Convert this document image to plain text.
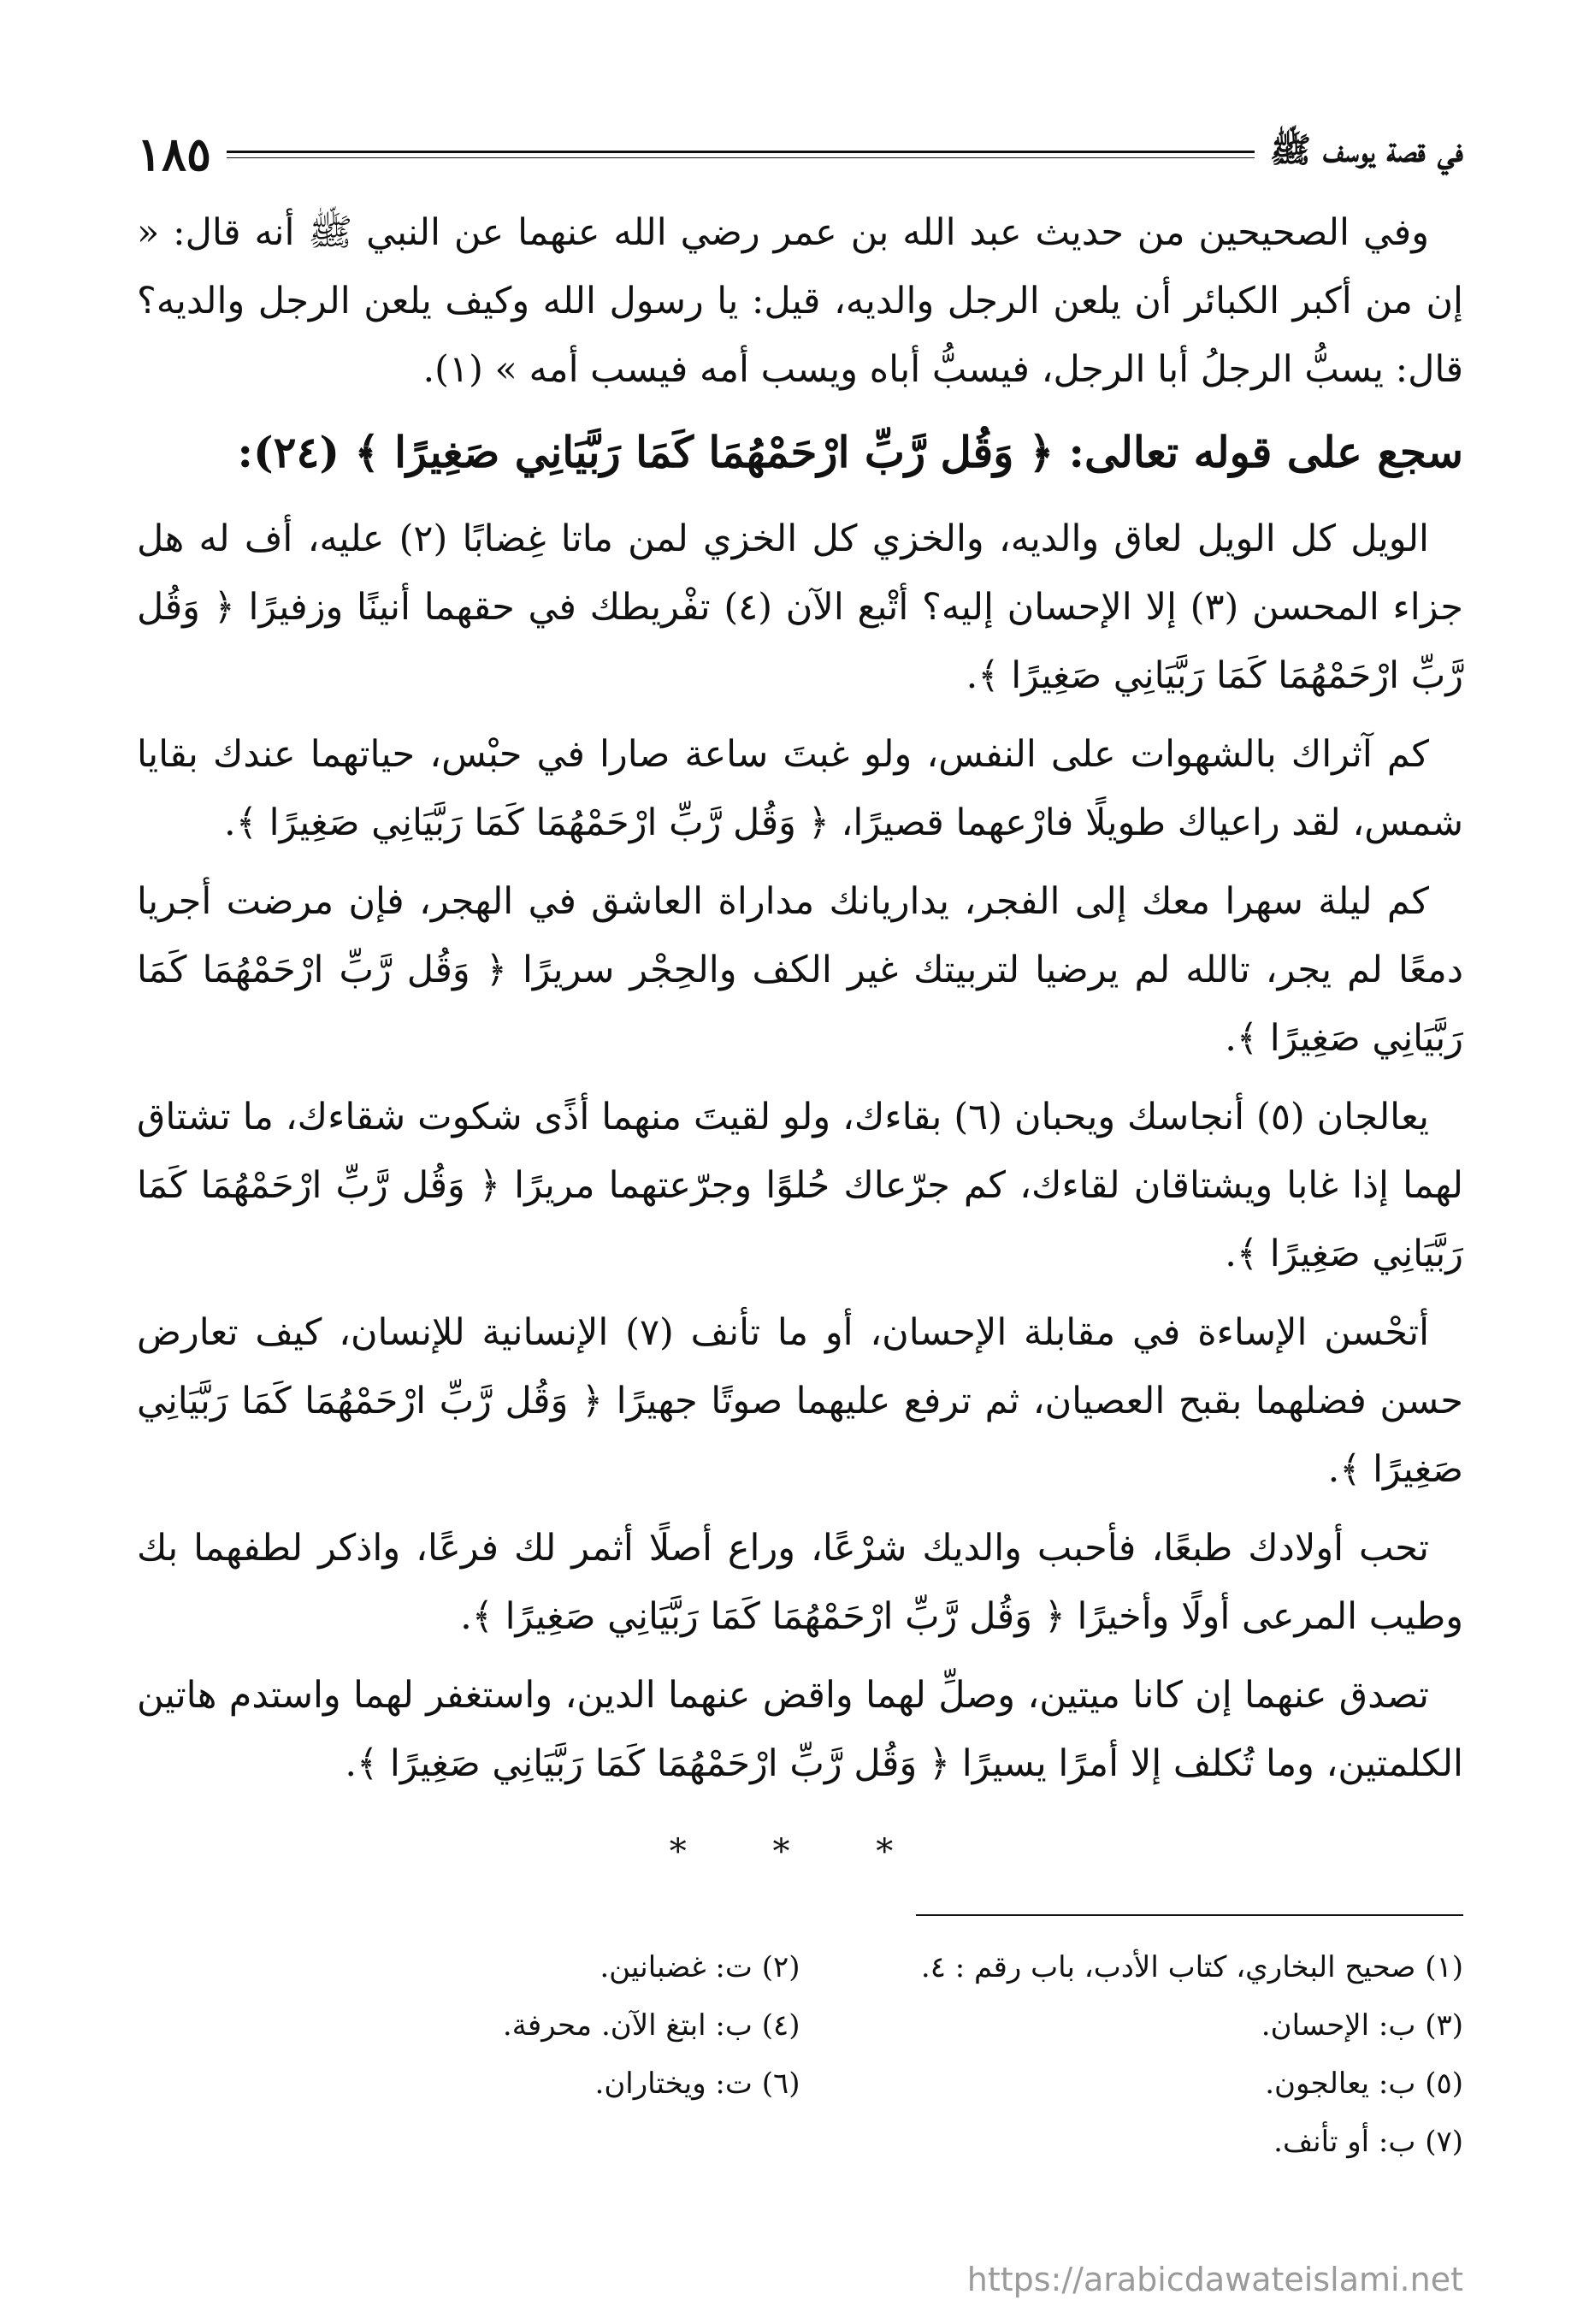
في قصة يوسف ﷺ
١٨٥

وفي الصحيحين من حديث عبد الله بن عمر رضي الله عنهما عن النبي ﷺ أنه قال: « إن من أكبر الكبائر أن يلعن الرجل والديه، قيل: يا رسول الله وكيف يلعن الرجل والديه؟ قال: يسبُّ الرجلُ أبا الرجل، فيسبُّ أباه ويسب أمه فيسب أمه » (١).

سجع على قوله تعالى: ﴿ وَقُل رَّبِّ ارْحَمْهُمَا كَمَا رَبَّيَانِي صَغِيرًا ﴾ (٢٤):

الويل كل الويل لعاق والديه، والخزي كل الخزي لمن ماتا غِضابًا (٢) عليه، أف له هل جزاء المحسن (٣) إلا الإحسان إليه؟ أتْبع الآن (٤) تفْريطك في حقهما أنينًا وزفيرًا ﴿ وَقُل رَّبِّ ارْحَمْهُمَا كَمَا رَبَّيَانِي صَغِيرًا ﴾.

كم آثراك بالشهوات على النفس، ولو غبتَ ساعة صارا في حبْس، حياتهما عندك بقايا شمس، لقد راعياك طويلًا فارْعهما قصيرًا، ﴿ وَقُل رَّبِّ ارْحَمْهُمَا كَمَا رَبَّيَانِي صَغِيرًا ﴾.

كم ليلة سهرا معك إلى الفجر، يداريانك مداراة العاشق في الهجر، فإن مرضت أجريا دمعًا لم يجر، تالله لم يرضيا لتربيتك غير الكف والحِجْر سريرًا ﴿ وَقُل رَّبِّ ارْحَمْهُمَا كَمَا رَبَّيَانِي صَغِيرًا ﴾.

يعالجان (٥) أنجاسك ويحبان (٦) بقاءك، ولو لقيتَ منهما أذًى شكوت شقاءك، ما تشتاق لهما إذا غابا ويشتاقان لقاءك، كم جرّعاك حُلوًا وجرّعتهما مريرًا ﴿ وَقُل رَّبِّ ارْحَمْهُمَا كَمَا رَبَّيَانِي صَغِيرًا ﴾.

أتحْسن الإساءة في مقابلة الإحسان، أو ما تأنف (٧) الإنسانية للإنسان، كيف تعارض حسن فضلهما بقبح العصيان، ثم ترفع عليهما صوتًا جهيرًا ﴿ وَقُل رَّبِّ ارْحَمْهُمَا كَمَا رَبَّيَانِي صَغِيرًا ﴾.

تحب أولادك طبعًا، فأحبب والديك شرْعًا، وراع أصلًا أثمر لك فرعًا، واذكر لطفهما بك وطيب المرعى أولًا وأخيرًا ﴿ وَقُل رَّبِّ ارْحَمْهُمَا كَمَا رَبَّيَانِي صَغِيرًا ﴾.

تصدق عنهما إن كانا ميتين، وصلِّ لهما واقض عنهما الدين، واستغفر لهما واستدم هاتين الكلمتين، وما تُكلف إلا أمرًا يسيرًا ﴿ وَقُل رَّبِّ ارْحَمْهُمَا كَمَا رَبَّيَانِي صَغِيرًا ﴾.

* * *
(١) صحيح البخاري، كتاب الأدب، باب رقم : ٤.
(٢) ت: غضبانين.
(٣) ب: الإحسان.
(٤) ب: ابتغ الآن. محرفة.
(٥) ب: يعالجون.
(٦) ت: ويختاران.
(٧) ب: أو تأنف.
https://arabicdawateislami.net
